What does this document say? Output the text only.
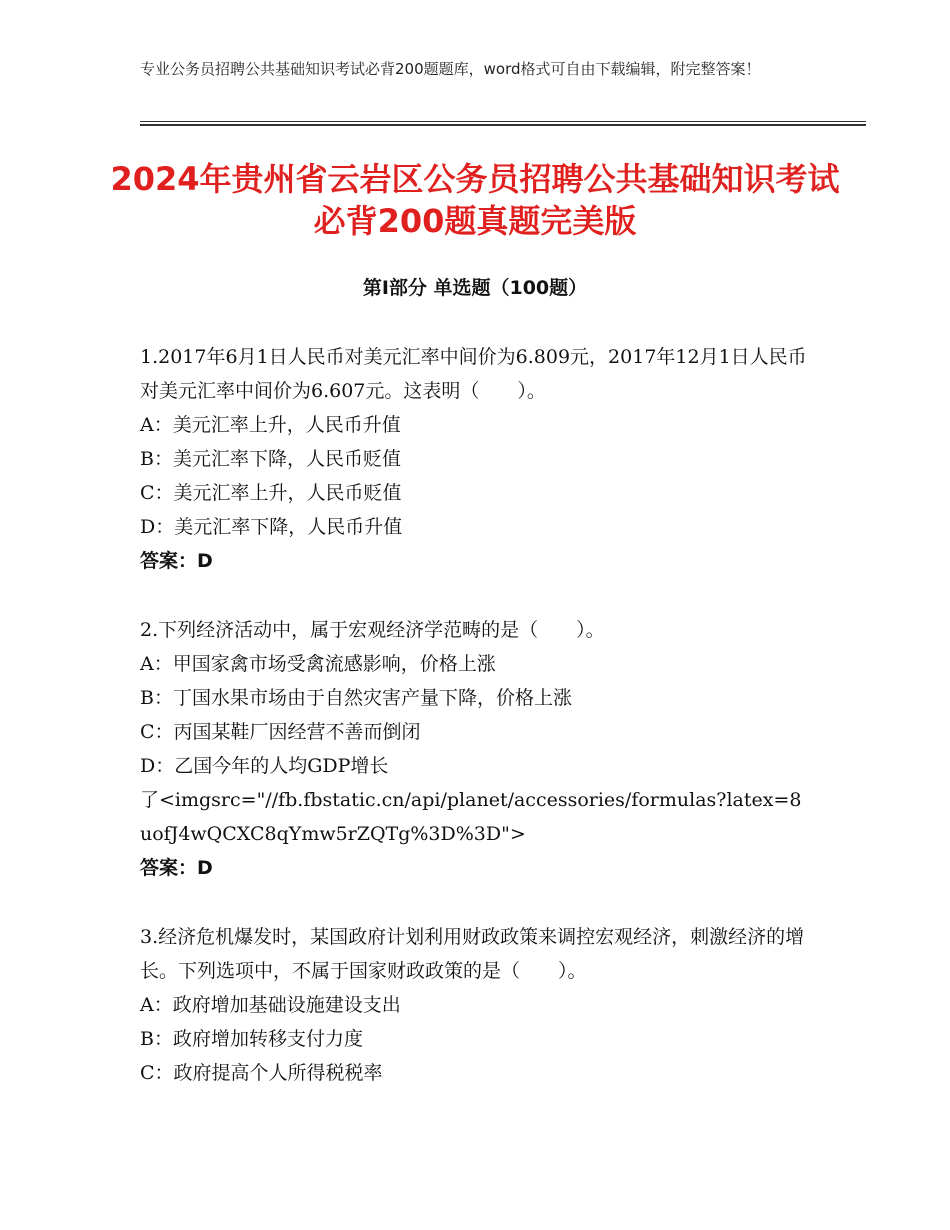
专业公务员招聘公共基础知识考试必背200题题库，word格式可自由下载编辑，附完整答案！
2024年贵州省云岩区公务员招聘公共基础知识考试必背200题真题完美版
第Ⅰ部分 单选题（100题）
1.2017年6月1日人民币对美元汇率中间价为6.809元，2017年12月1日人民币对美元汇率中间价为6.607元。这表明（　　）。
A：美元汇率上升，人民币升值
B：美元汇率下降，人民币贬值
C：美元汇率上升，人民币贬值
D：美元汇率下降，人民币升值
答案：D
2.下列经济活动中，属于宏观经济学范畴的是（　　）。
A：甲国家禽市场受禽流感影响，价格上涨
B：丁国水果市场由于自然灾害产量下降，价格上涨
C：丙国某鞋厂因经营不善而倒闭
D：乙国今年的人均GDP增长
了<imgsrc="//fb.fbstatic.cn/api/planet/accessories/formulas?latex=8uofJ4wQCXC8qYmw5rZQTg%3D%3D">
答案：D
3.经济危机爆发时，某国政府计划利用财政政策来调控宏观经济，刺激经济的增长。下列选项中，不属于国家财政政策的是（　　）。
A：政府增加基础设施建设支出
B：政府增加转移支付力度
C：政府提高个人所得税税率
